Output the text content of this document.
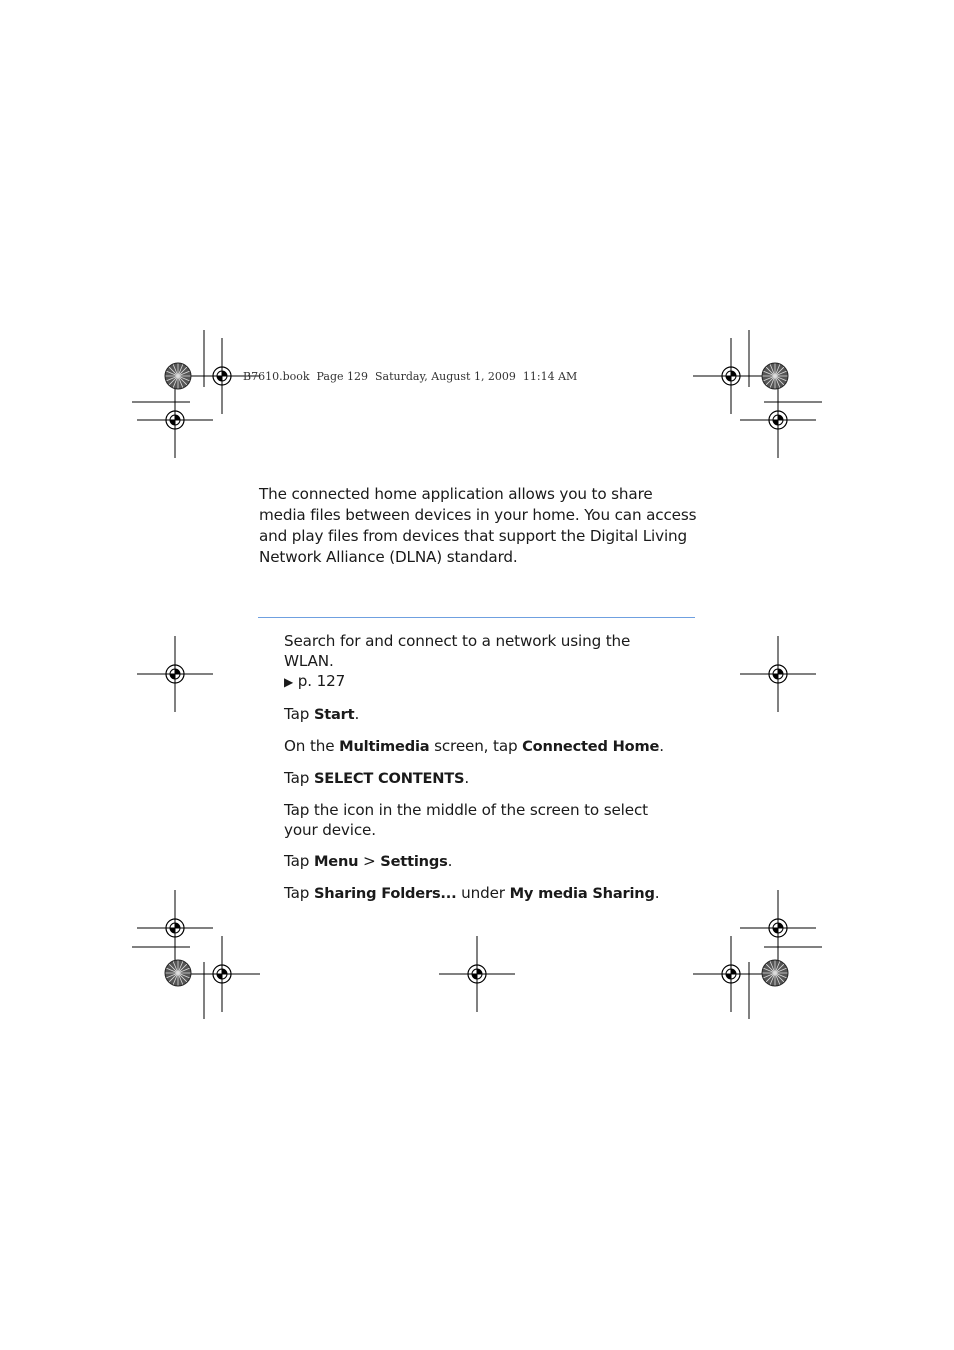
B7610.book  Page 129  Saturday, August 1, 2009  11:14 AM

The connected home application allows you to share media files between devices in your home. You can access and play files from devices that support the Digital Living Network Alliance (DLNA) standard.

Search for and connect to a network using the WLAN.
▶ p. 127
Tap Start.
On the Multimedia screen, tap Connected Home.
Tap SELECT CONTENTS.
Tap the icon in the middle of the screen to select your device.
Tap Menu > Settings.
Tap Sharing Folders... under My media Sharing.
